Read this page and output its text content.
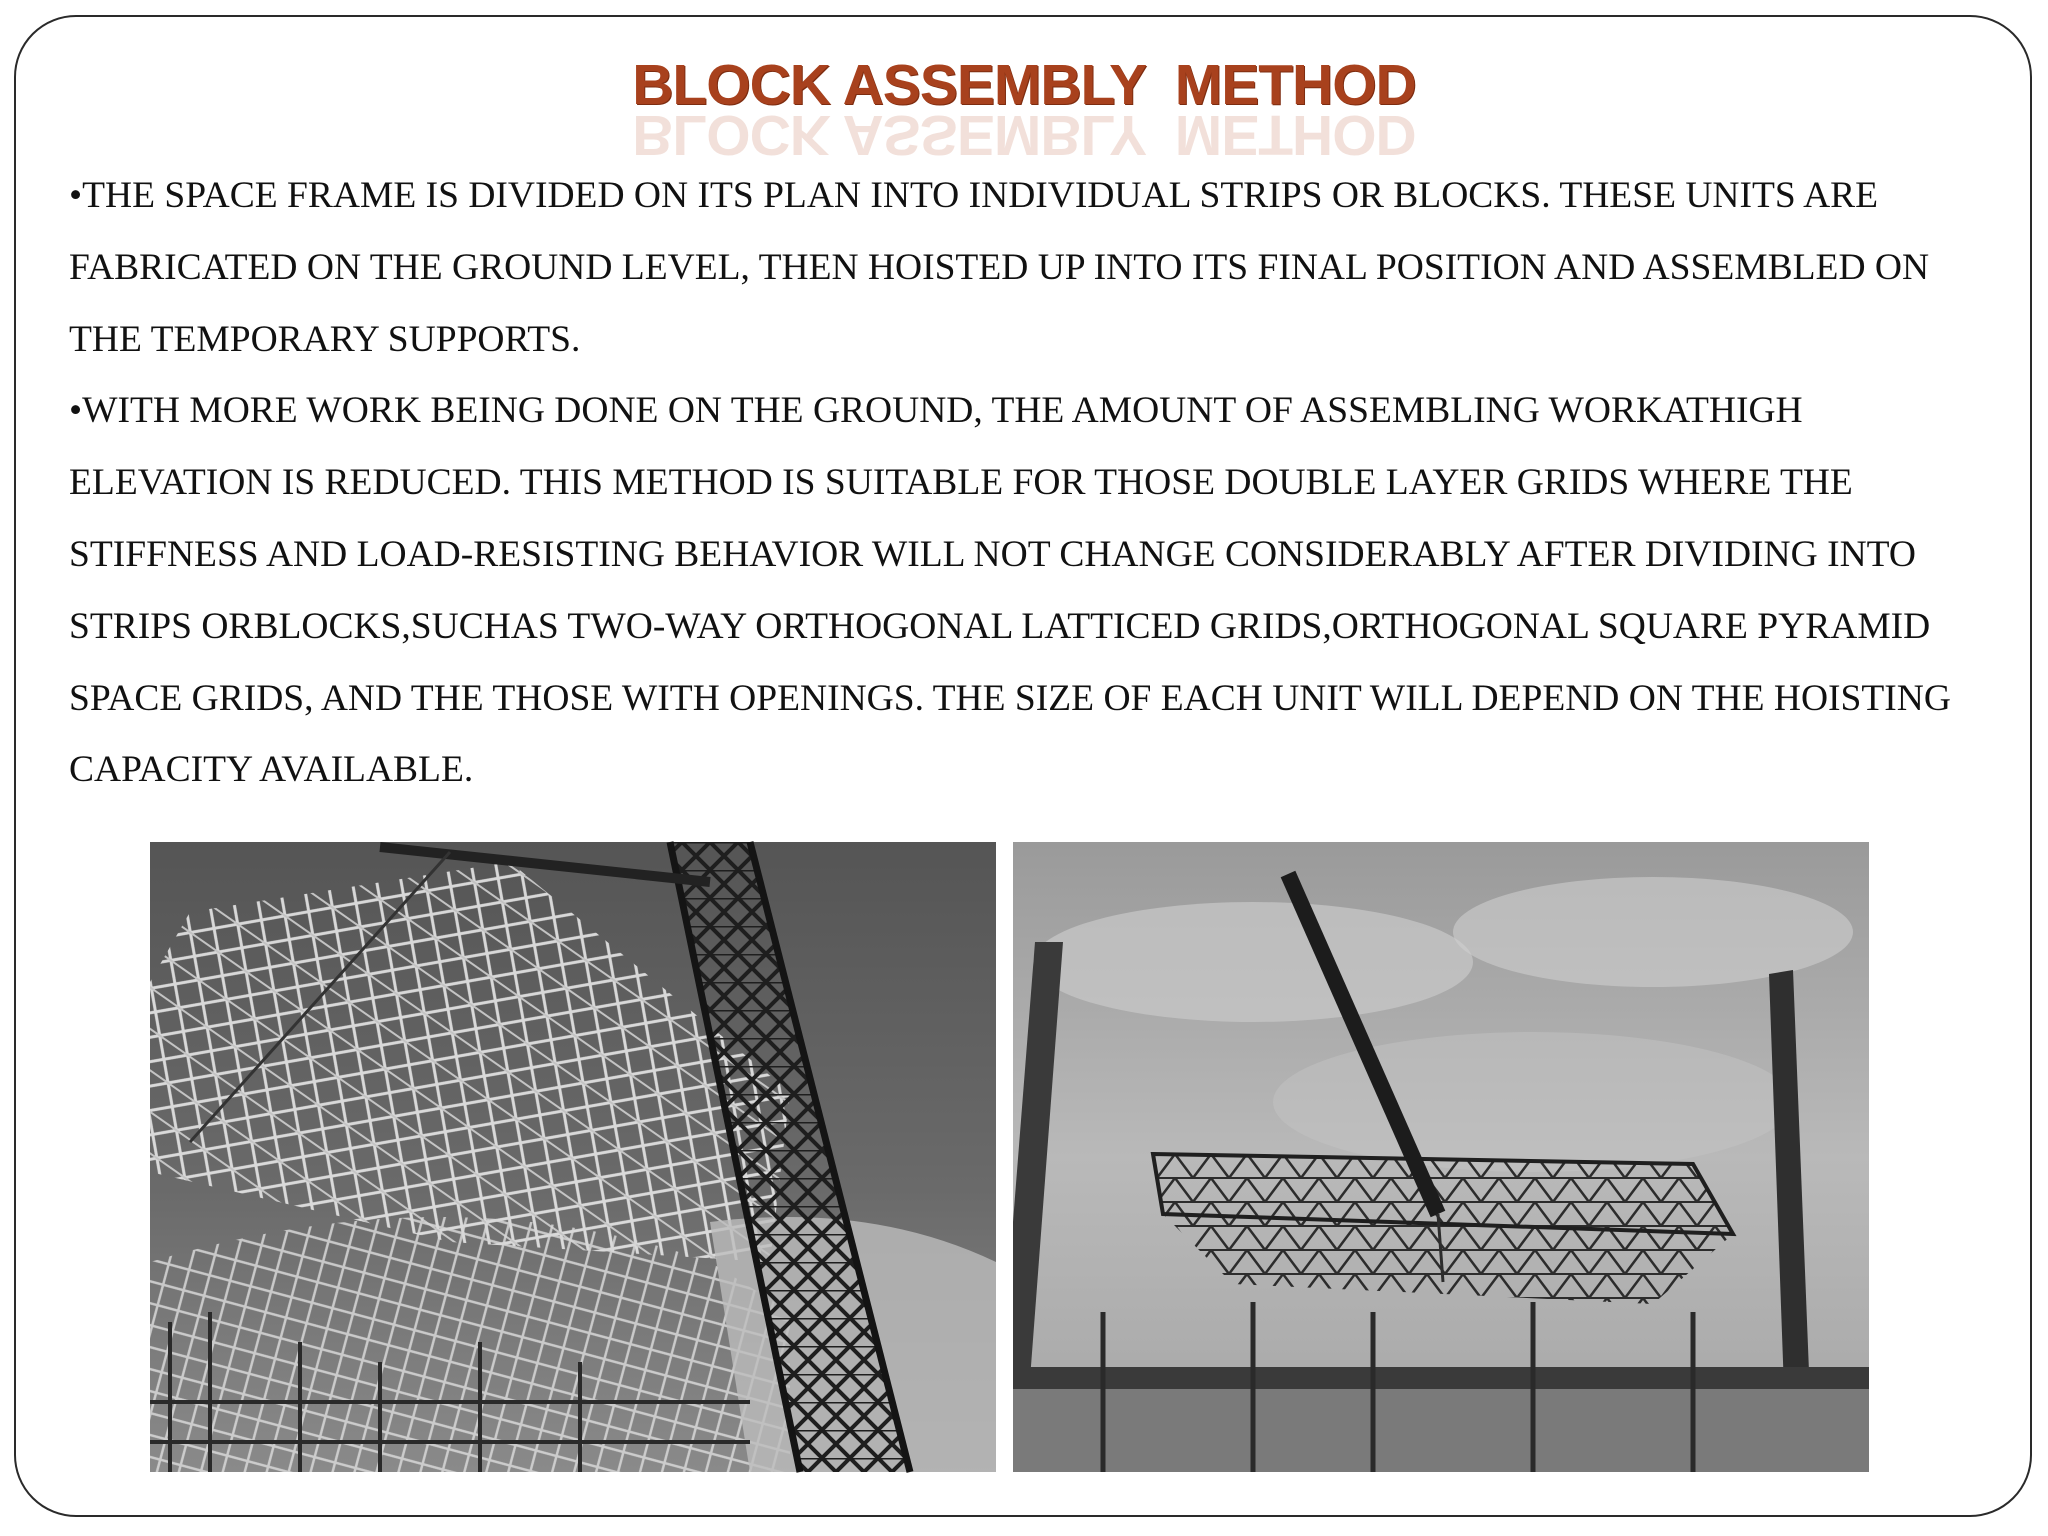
BLOCK ASSEMBLY  METHOD
BLOCK ASSEMBLY  METHOD

•THE SPACE FRAME IS DIVIDED ON ITS PLAN INTO INDIVIDUAL STRIPS OR BLOCKS. THESE UNITS ARE FABRICATED ON THE GROUND LEVEL, THEN HOISTED UP INTO ITS FINAL POSITION AND ASSEMBLED ON THE TEMPORARY SUPPORTS.

•WITH MORE WORK BEING DONE ON THE GROUND, THE AMOUNT OF ASSEMBLING WORKATHIGH ELEVATION IS REDUCED. THIS METHOD IS SUITABLE FOR THOSE DOUBLE LAYER GRIDS WHERE THE STIFFNESS AND LOAD-RESISTING BEHAVIOR WILL NOT CHANGE CONSIDERABLY AFTER DIVIDING INTO STRIPS ORBLOCKS,SUCHAS TWO-WAY ORTHOGONAL LATTICED GRIDS,ORTHOGONAL SQUARE PYRAMID SPACE GRIDS, AND THE THOSE WITH OPENINGS. THE SIZE OF EACH UNIT WILL DEPEND ON THE HOISTING CAPACITY AVAILABLE.
